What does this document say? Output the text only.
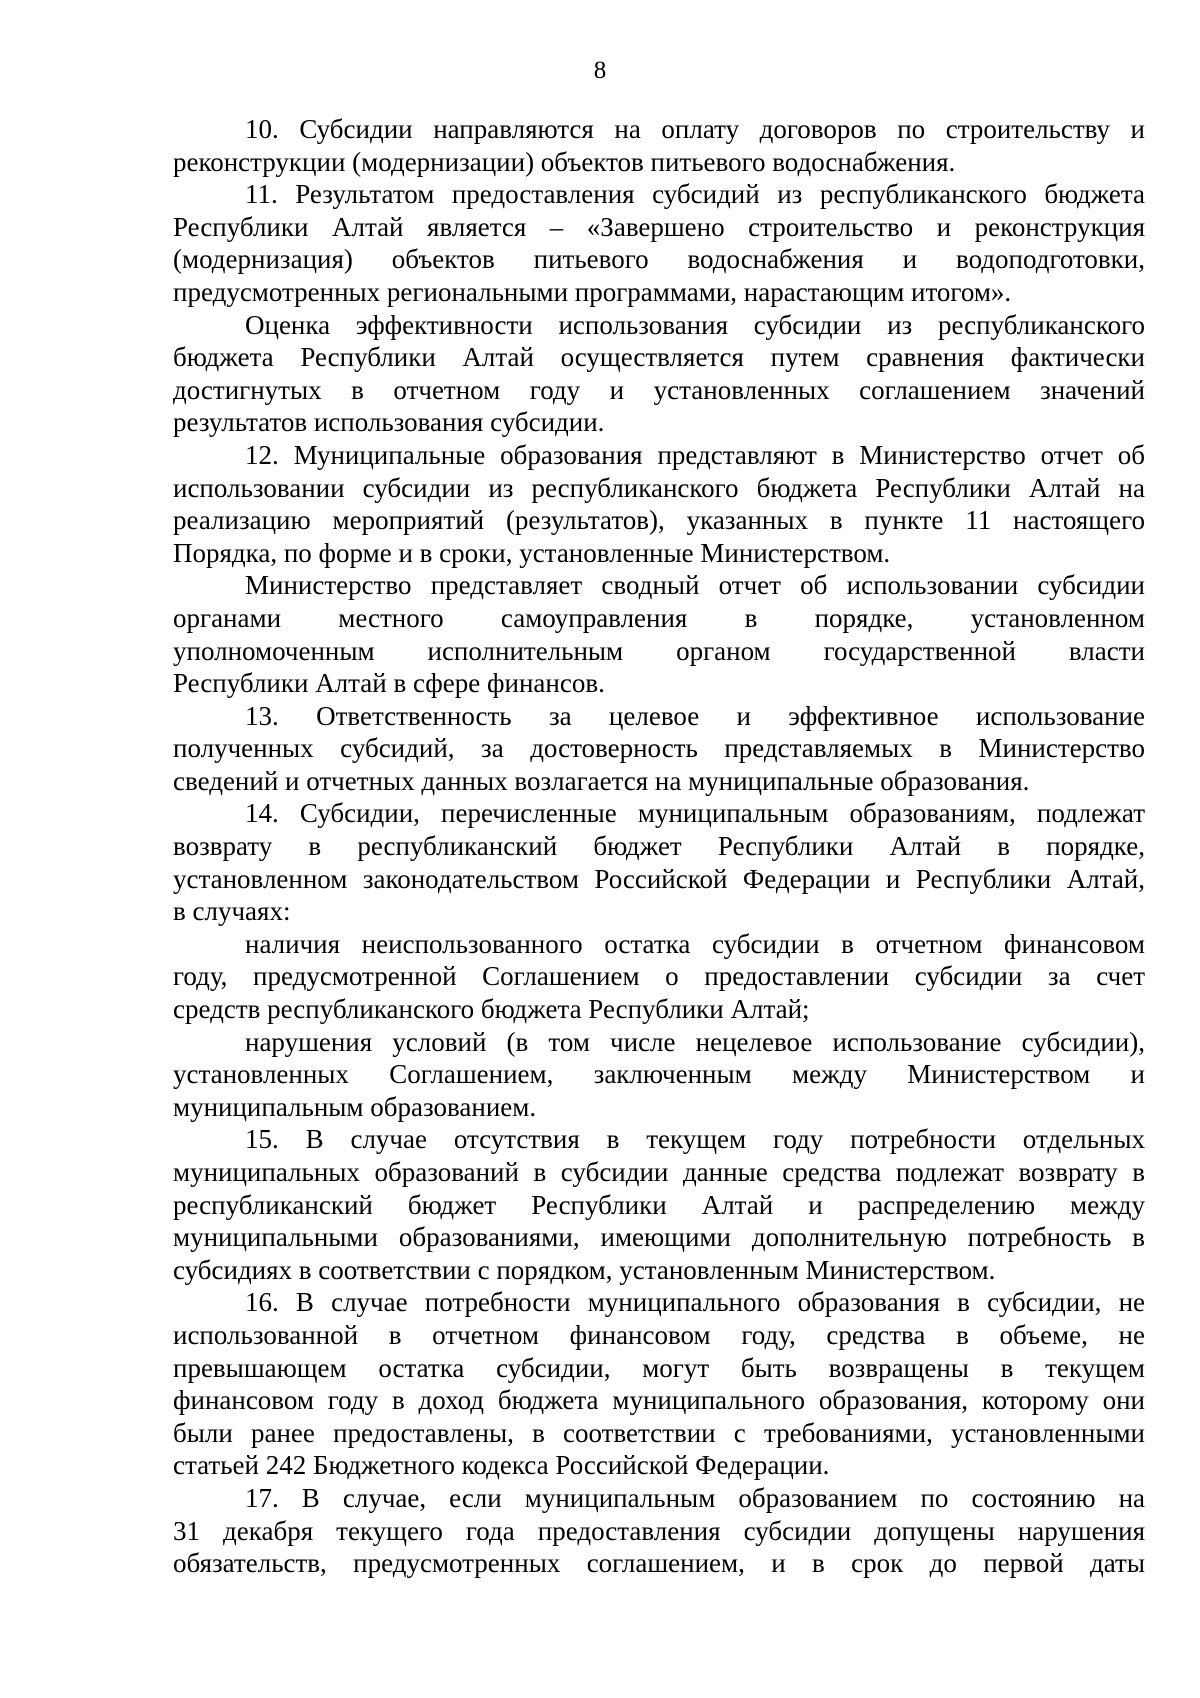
8
10. Субсидии направляются на оплату договоров по строительству и
реконструкции (модернизации) объектов питьевого водоснабжения.
11. Результатом предоставления субсидий из республиканского бюджета
Республики Алтай является – «Завершено строительство и реконструкция
(модернизация) объектов питьевого водоснабжения и водоподготовки,
предусмотренных региональными программами, нарастающим итогом».
Оценка эффективности использования субсидии из республиканского
бюджета Республики Алтай осуществляется путем сравнения фактически
достигнутых в отчетном году и установленных соглашением значений
результатов использования субсидии.
12. Муниципальные образования представляют в Министерство отчет об
использовании субсидии из республиканского бюджета Республики Алтай на
реализацию мероприятий (результатов), указанных в пункте 11 настоящего
Порядка, по форме и в сроки, установленные Министерством.
Министерство представляет сводный отчет об использовании субсидии
органами местного самоуправления в порядке, установленном
уполномоченным исполнительным органом государственной власти
Республики Алтай в сфере финансов.
13. Ответственность за целевое и эффективное использование
полученных субсидий, за достоверность представляемых в Министерство
сведений и отчетных данных возлагается на муниципальные образования.
14. Субсидии, перечисленные муниципальным образованиям, подлежат
возврату в республиканский бюджет Республики Алтай в порядке,
установленном законодательством Российской Федерации и Республики Алтай,
в случаях:
наличия неиспользованного остатка субсидии в отчетном финансовом
году, предусмотренной Соглашением о предоставлении субсидии за счет
средств республиканского бюджета Республики Алтай;
нарушения условий (в том числе нецелевое использование субсидии),
установленных Соглашением, заключенным между Министерством и
муниципальным образованием.
15. В случае отсутствия в текущем году потребности отдельных
муниципальных образований в субсидии данные средства подлежат возврату в
республиканский бюджет Республики Алтай и распределению между
муниципальными образованиями, имеющими дополнительную потребность в
субсидиях в соответствии с порядком, установленным Министерством.
16. В случае потребности муниципального образования в субсидии, не
использованной в отчетном финансовом году, средства в объеме, не
превышающем остатка субсидии, могут быть возвращены в текущем
финансовом году в доход бюджета муниципального образования, которому они
были ранее предоставлены, в соответствии с требованиями, установленными
статьей 242 Бюджетного кодекса Российской Федерации.
17. В случае, если муниципальным образованием по состоянию на
31 декабря текущего года предоставления субсидии допущены нарушения
обязательств, предусмотренных соглашением, и в срок до первой даты
